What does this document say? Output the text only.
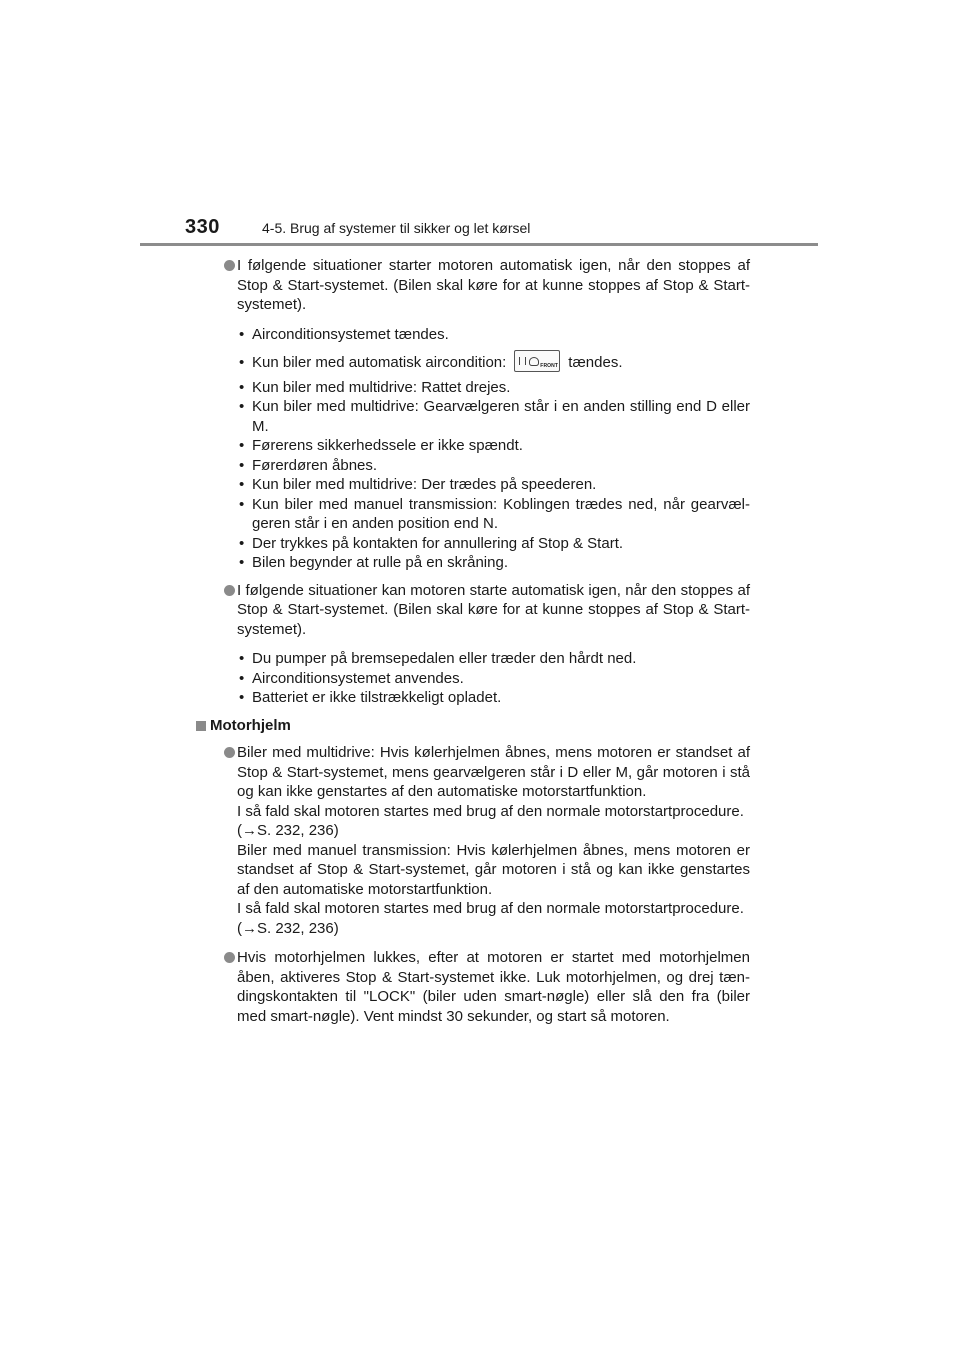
330	4-5. Brug af systemer til sikker og let kørsel
I følgende situationer starter motoren automatisk igen, når den stoppes af Stop & Start-systemet. (Bilen skal køre for at kunne stoppes af Stop & Start-systemet).
• Airconditionsystemet tændes.
• Kun biler med automatisk aircondition:	FRONT tændes.
• Kun biler med multidrive: Rattet drejes.
• Kun biler med multidrive: Gearvælgeren står i en anden stilling end D eller M.
• Førerens sikkerhedssele er ikke spændt.
• Førerdøren åbnes.
• Kun biler med multidrive: Der trædes på speederen.
• Kun biler med manuel transmission: Koblingen trædes ned, når gearvæl-geren står i en anden position end N.
• Der trykkes på kontakten for annullering af Stop & Start.
• Bilen begynder at rulle på en skråning.
I følgende situationer kan motoren starte automatisk igen, når den stoppes af Stop & Start-systemet. (Bilen skal køre for at kunne stoppes af Stop & Start-systemet).
• Du pumper på bremsepedalen eller træder den hårdt ned.
• Airconditionsystemet anvendes.
• Batteriet er ikke tilstrækkeligt opladet.
Motorhjelm
Biler med multidrive: Hvis kølerhjelmen åbnes, mens motoren er standset af Stop & Start-systemet, mens gearvælgeren står i D eller M, går motoren i stå og kan ikke genstartes af den automatiske motorstartfunktion.
I så fald skal motoren startes med brug af den normale motorstartprocedure.
(→S. 232, 236)
Biler med manuel transmission: Hvis kølerhjelmen åbnes, mens motoren er standset af Stop & Start-systemet, går motoren i stå og kan ikke genstartes af den automatiske motorstartfunktion.
I så fald skal motoren startes med brug af den normale motorstartprocedure.
(→S. 232, 236)
Hvis motorhjelmen lukkes, efter at motoren er startet med motorhjelmen åben, aktiveres Stop & Start-systemet ikke. Luk motorhjelmen, og drej tæn-dingskontakten til "LOCK" (biler uden smart-nøgle) eller slå den fra (biler med smart-nøgle). Vent mindst 30 sekunder, og start så motoren.
